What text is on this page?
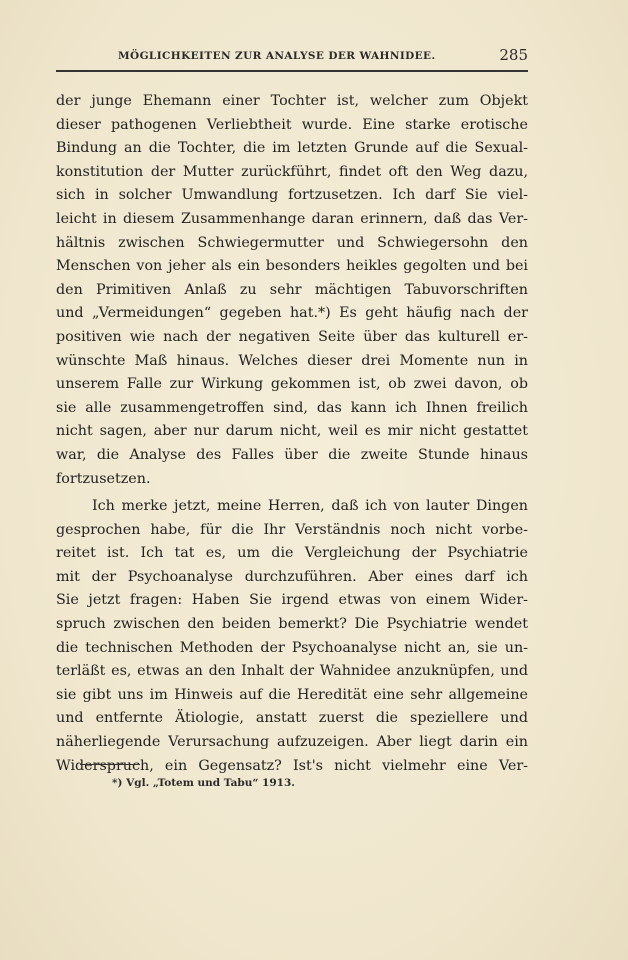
MÖGLICHKEITEN ZUR ANALYSE DER WAHNIDEE.	285
der junge Ehemann einer Tochter ist, welcher zum Objekt
dieser pathogenen Verliebtheit wurde. Eine starke erotische
Bindung an die Tochter, die im letzten Grunde auf die Sexual-
konstitution der Mutter zurückführt, findet oft den Weg dazu,
sich in solcher Umwandlung fortzusetzen. Ich darf Sie viel-
leicht in diesem Zusammenhange daran erinnern, daß das Ver-
hältnis zwischen Schwiegermutter und Schwiegersohn den
Menschen von jeher als ein besonders heikles gegolten und bei
den Primitiven Anlaß zu sehr mächtigen Tabuvorschriften
und „Vermeidungen“ gegeben hat.*) Es geht häufig nach der
positiven wie nach der negativen Seite über das kulturell er-
wünschte Maß hinaus. Welches dieser drei Momente nun in
unserem Falle zur Wirkung gekommen ist, ob zwei davon, ob
sie alle zusammengetroffen sind, das kann ich Ihnen freilich
nicht sagen, aber nur darum nicht, weil es mir nicht gestattet
war, die Analyse des Falles über die zweite Stunde hinaus
fortzusetzen.
Ich merke jetzt, meine Herren, daß ich von lauter Dingen
gesprochen habe, für die Ihr Verständnis noch nicht vorbe-
reitet ist. Ich tat es, um die Vergleichung der Psychiatrie
mit der Psychoanalyse durchzuführen. Aber eines darf ich
Sie jetzt fragen: Haben Sie irgend etwas von einem Wider-
spruch zwischen den beiden bemerkt? Die Psychiatrie wendet
die technischen Methoden der Psychoanalyse nicht an, sie un-
terläßt es, etwas an den Inhalt der Wahnidee anzuknüpfen, und
sie gibt uns im Hinweis auf die Heredität eine sehr allgemeine
und entfernte Ätiologie, anstatt zuerst die speziellere und
näherliegende Verursachung aufzuzeigen. Aber liegt darin ein
Widerspruch, ein Gegensatz? Ist's nicht vielmehr eine Ver-
*) Vgl. „Totem und Tabu“ 1913.
